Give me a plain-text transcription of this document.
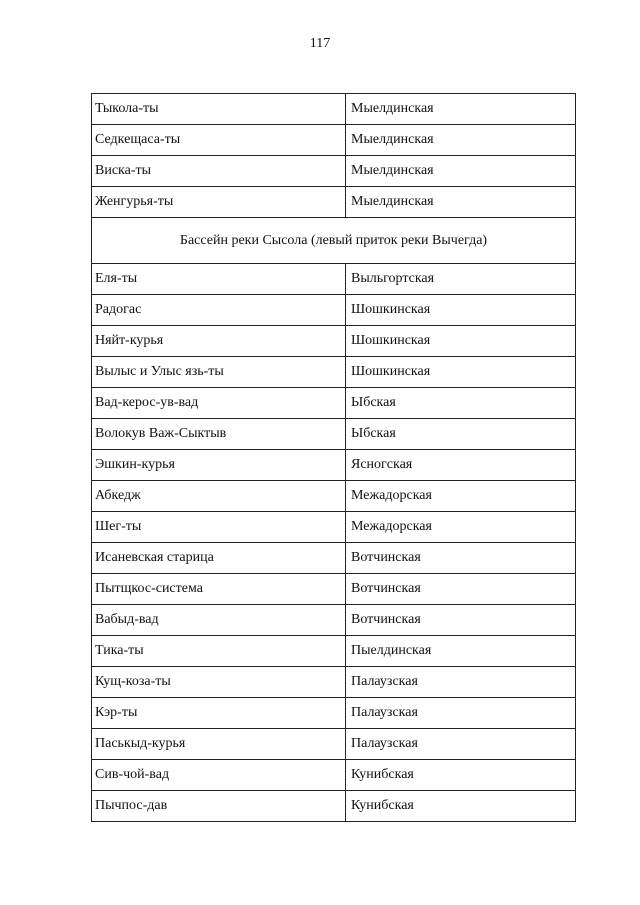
117
Тыкола-ты	Мыелдинская
Седкещаса-ты	Мыелдинская
Виска-ты	Мыелдинская
Женгурья-ты	Мыелдинская
Бассейн реки Сысола (левый приток реки Вычегда)	
Еля-ты	Выльгортская
Радогас	Шошкинская
Няйт-курья	Шошкинская
Вылыс и Улыс язь-ты	Шошкинская
Вад-керос-ув-вад	Ыбская
Волокув Важ-Сыктыв	Ыбская
Эшкин-курья	Ясногская
Абкедж	Межадорская
Шег-ты	Межадорская
Исаневская старица	Вотчинская
Пытщкос-система	Вотчинская
Вабыд-вад	Вотчинская
Тика-ты	Пыелдинская
Кущ-коза-ты	Палаузская
Кэр-ты	Палаузская
Паськыд-курья	Палаузская
Сив-чой-вад	Кунибская
Пычпос-дав	Кунибская
